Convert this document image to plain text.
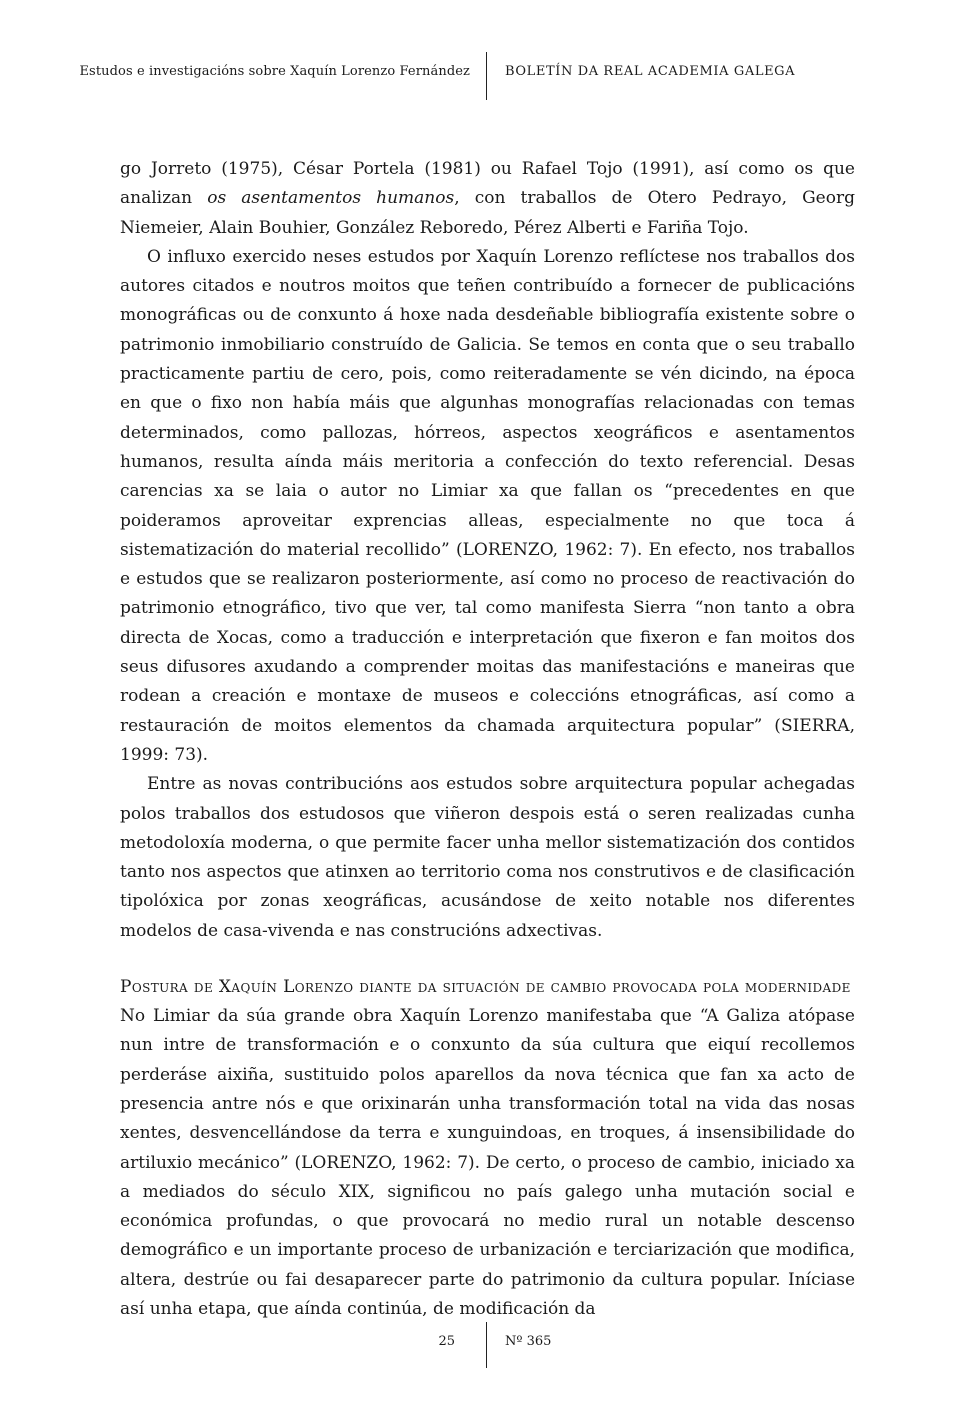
Estudos e investigacións sobre Xaquín Lorenzo Fernández	BOLETÍN DA REAL ACADEMIA GALEGA

go Jorreto (1975), César Portela (1981) ou Rafael Tojo (1991), así como os que analizan os asentamentos humanos, con traballos de Otero Pedrayo, Georg Niemeier, Alain Bouhier, González Reboredo, Pérez Alberti e Fariña Tojo.

O influxo exercido neses estudos por Xaquín Lorenzo reflíctese nos traballos dos autores citados e noutros moitos que teñen contribuído a fornecer de publicacións monográficas ou de conxunto á hoxe nada desdeñable bibliografía existente sobre o patrimonio inmobiliario construído de Galicia. Se temos en conta que o seu traballo practicamente partiu de cero, pois, como reiteradamente se vén dicindo, na época en que o fixo non había máis que algunhas monografías relacionadas con temas determinados, como pallozas, hórreos, aspectos xeográficos e asentamentos humanos, resulta aínda máis meritoria a confección do texto referencial. Desas carencias xa se laia o autor no Limiar xa que fallan os “precedentes en que poideramos aproveitar exprencias alleas, especialmente no que toca á sistematización do material recollido” (LORENZO, 1962: 7). En efecto, nos traballos e estudos que se realizaron posteriormente, así como no proceso de reactivación do patrimonio etnográfico, tivo que ver, tal como manifesta Sierra “non tanto a obra directa de Xocas, como a traducción e interpretación que fixeron e fan moitos dos seus difusores axudando a comprender moitas das manifestacións e maneiras que rodean a creación e montaxe de museos e coleccións etnográficas, así como a restauración de moitos elementos da chamada arquitectura popular” (SIERRA, 1999: 73).

Entre as novas contribucións aos estudos sobre arquitectura popular achegadas polos traballos dos estudosos que viñeron despois está o seren realizadas cunha metodoloxía moderna, o que permite facer unha mellor sistematización dos contidos tanto nos aspectos que atinxen ao territorio coma nos construtivos e de clasificación tipolóxica por zonas xeográficas, acusándose de xeito notable nos diferentes modelos de casa-vivenda e nas construcións adxectivas.

Postura de Xaquín Lorenzo diante da situación de cambio provocada pola modernidade

No Limiar da súa grande obra Xaquín Lorenzo manifestaba que “A Galiza atópase nun intre de transformación e o conxunto da súa cultura que eiquí recollemos perderáse aixiña, sustituido polos aparellos da nova técnica que fan xa acto de presencia antre nós e que orixinarán unha transformación total na vida das nosas xentes, desvencellándose da terra e xunguindoas, en troques, á insensibilidade do artiluxio mecánico” (LORENZO, 1962: 7). De certo, o proceso de cambio, iniciado xa a mediados do século XIX, significou no país galego unha mutación social e económica profundas, o que provocará no medio rural un notable descenso demográfico e un importante proceso de urbanización e terciarización que modifica, altera, destrúe ou fai desaparecer parte do patrimonio da cultura popular. Iníciase así unha etapa, que aínda continúa, de modificación da

25	Nº 365
